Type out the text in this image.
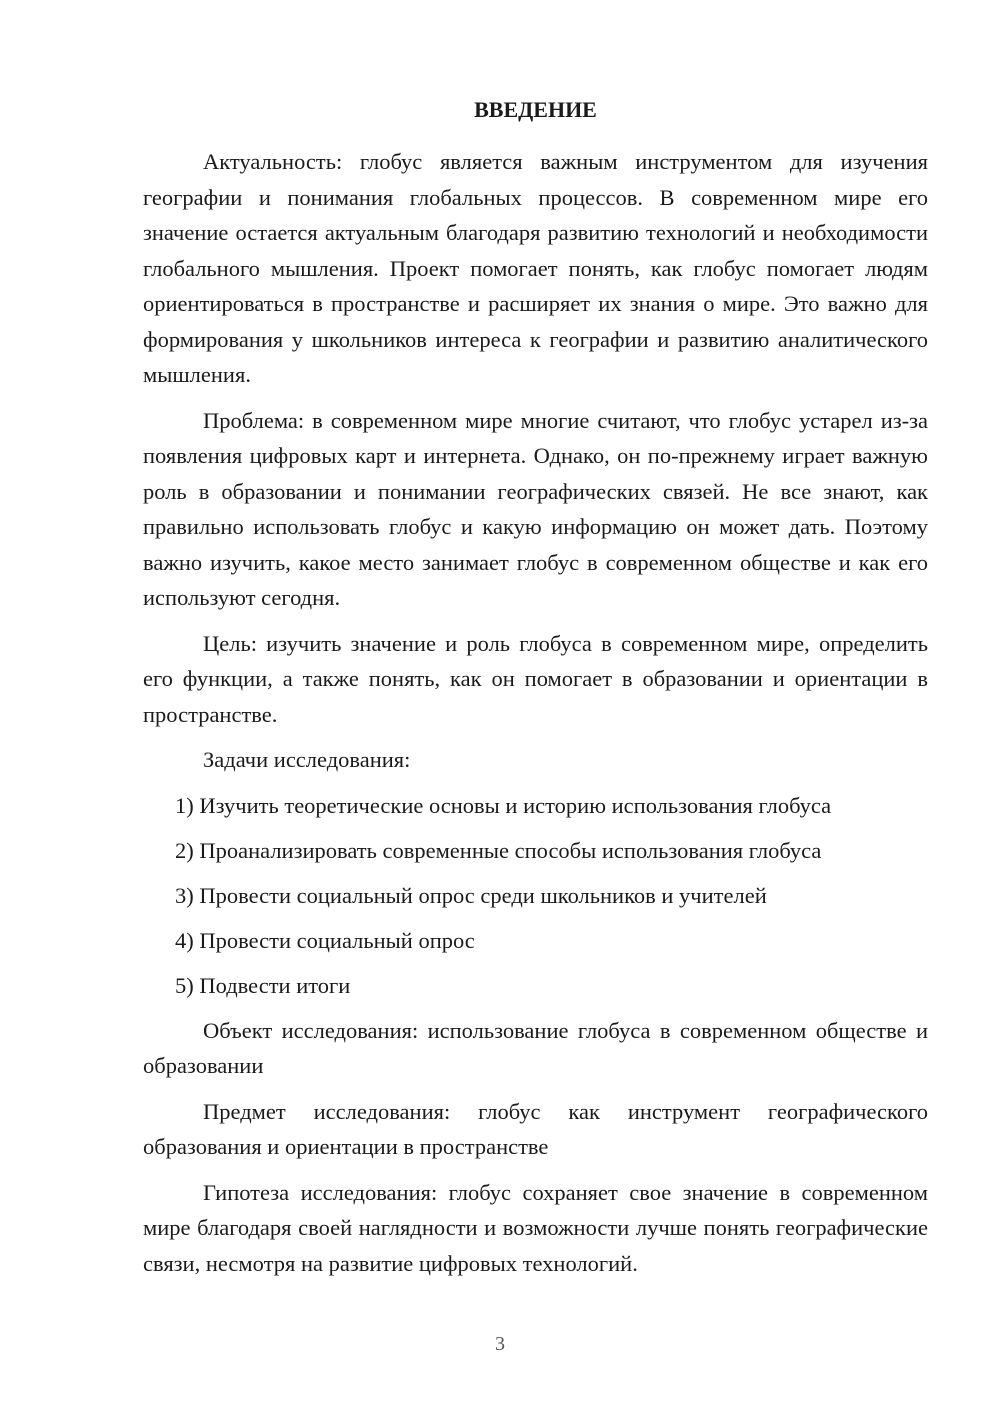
ВВЕДЕНИЕ

Актуальность: глобус является важным инструментом для изучения географии и понимания глобальных процессов. В современном мире его значение остается актуальным благодаря развитию технологий и необходимости глобального мышления. Проект помогает понять, как глобус помогает людям ориентироваться в пространстве и расширяет их знания о мире. Это важно для формирования у школьников интереса к географии и развитию аналитического мышления.

Проблема: в современном мире многие считают, что глобус устарел из-за появления цифровых карт и интернета. Однако, он по-прежнему играет важную роль в образовании и понимании географических связей. Не все знают, как правильно использовать глобус и какую информацию он может дать. Поэтому важно изучить, какое место занимает глобус в современном обществе и как его используют сегодня.

Цель: изучить значение и роль глобуса в современном мире, определить его функции, а также понять, как он помогает в образовании и ориентации в пространстве.

Задачи исследования:

1) Изучить теоретические основы и историю использования глобуса
2) Проанализировать современные способы использования глобуса
3) Провести социальный опрос среди школьников и учителей
4) Провести социальный опрос
5) Подвести итоги

Объект исследования: использование глобуса в современном обществе и образовании

Предмет исследования: глобус как инструмент географического образования и ориентации в пространстве

Гипотеза исследования: глобус сохраняет свое значение в современном мире благодаря своей наглядности и возможности лучше понять географические связи, несмотря на развитие цифровых технологий.

3
